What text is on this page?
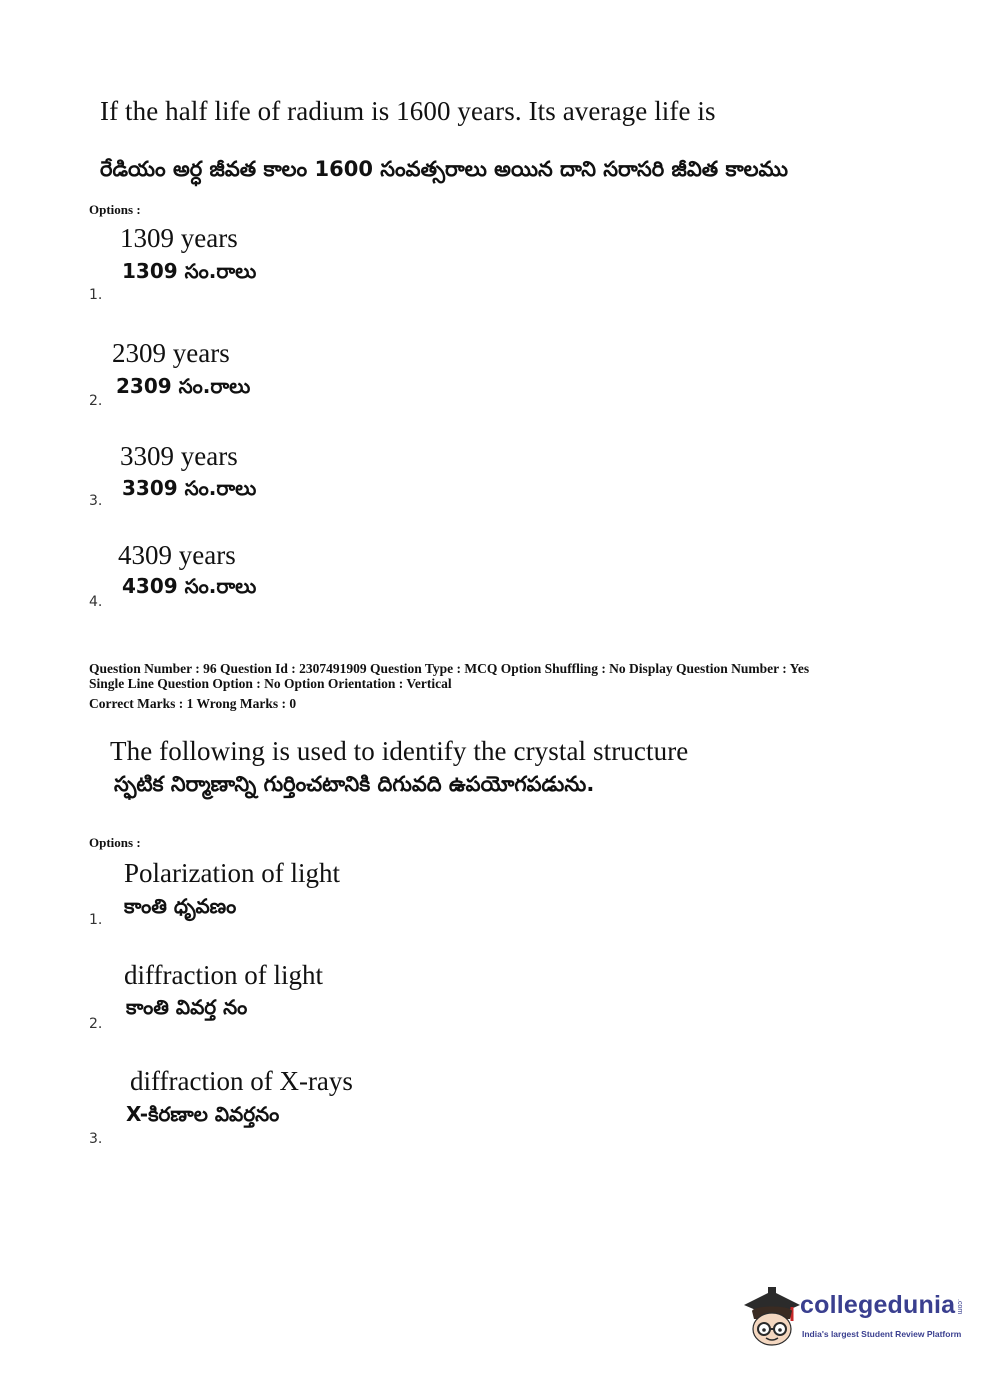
If the half life of radium is 1600 years. Its average life is
రేడియం అర్ధ జీవత కాలం 1600 సంవత్సరాలు అయిన దాని సరాసరి జీవిత కాలము
Options :
1309 years
1309 సం.రాలు
1.
2309 years
2309 సం.రాలు
2.
3309 years
3309 సం.రాలు
3.
4309 years
4309 సం.రాలు
4.
Question Number : 96 Question Id : 2307491909 Question Type : MCQ Option Shuffling : No Display Question Number : Yes
Single Line Question Option : No Option Orientation : Vertical
Correct Marks : 1 Wrong Marks : 0
The following is used to identify the crystal structure
స్ఫటిక నిర్మాణాన్ని గుర్తించటానికి దిగువది ఉపయోగపడును.
Options :
Polarization of light
కాంతి ధృవణం
1.
diffraction of light
కాంతి వివర్త నం
2.
diffraction of X-rays
X-కిరణాల వివర్తనం
3.
collegedunia .com
India's largest Student Review Platform
